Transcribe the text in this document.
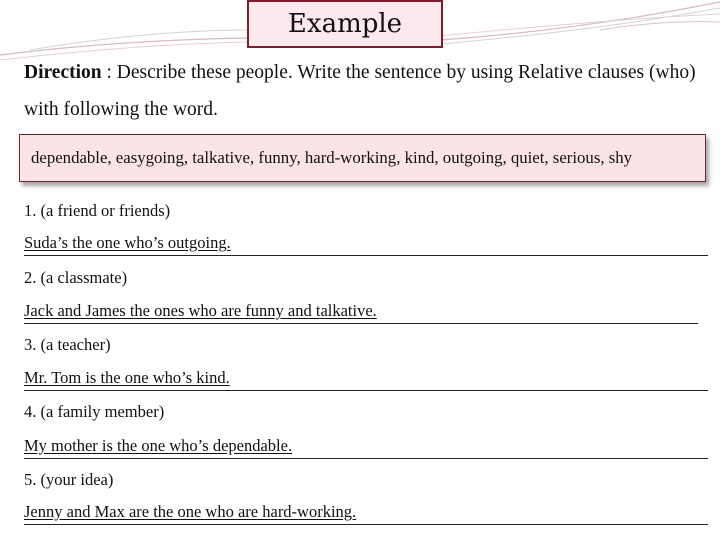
Example
Direction : Describe these people. Write the sentence by using Relative clauses (who) with following the word.
dependable, easygoing, talkative, funny, hard-working, kind, outgoing, quiet, serious, shy
1. (a friend or friends)
Suda’s the one who’s outgoing.
2. (a classmate)
Jack and James the ones who are funny and talkative.
3. (a teacher)
Mr. Tom is the one who’s kind.
4. (a family member)
My mother is the one who’s dependable.
5. (your idea)
Jenny and Max are the one who are hard-working.
